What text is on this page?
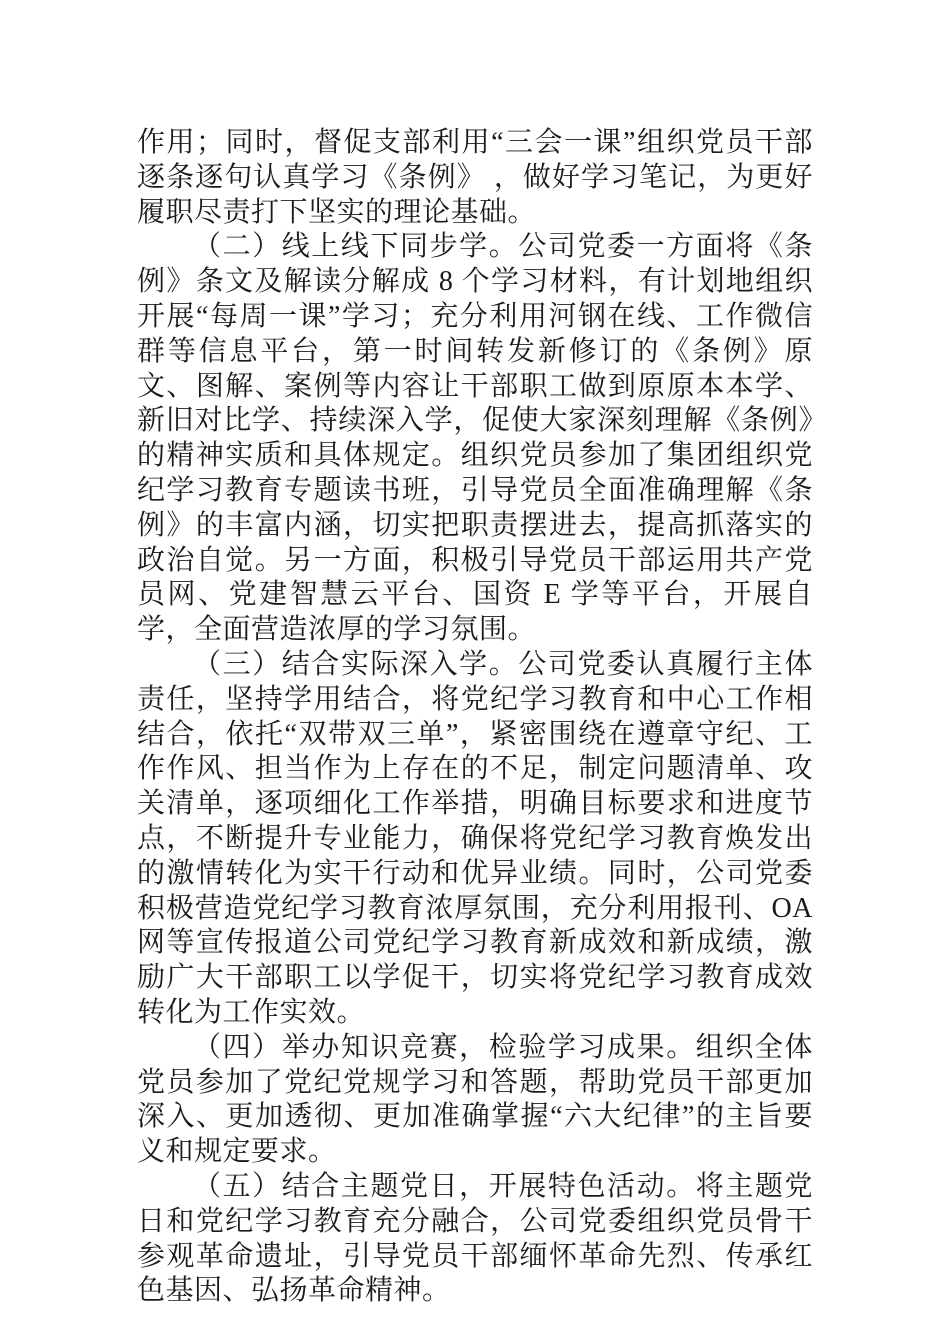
作用；同时，督促支部利用“三会一课”组织党员干部逐条逐句认真学习《条例》 ，做好学习笔记，为更好履职尽责打下坚实的理论基础。

（二）线上线下同步学。公司党委一方面将《条例》条文及解读分解成 8 个学习材料，有计划地组织开展“每周一课”学习；充分利用河钢在线、工作微信群等信息平台，第一时间转发新修订的《条例》原文、图解、案例等内容让干部职工做到原原本本学、新旧对比学、持续深入学，促使大家深刻理解《条例》的精神实质和具体规定。组织党员参加了集团组织党纪学习教育专题读书班，引导党员全面准确理解《条例》的丰富内涵，切实把职责摆进去，提高抓落实的政治自觉。另一方面，积极引导党员干部运用共产党员网、党建智慧云平台、国资 E 学等平台，开展自学，全面营造浓厚的学习氛围。

（三）结合实际深入学。公司党委认真履行主体责任，坚持学用结合，将党纪学习教育和中心工作相结合，依托“双带双三单”，紧密围绕在遵章守纪、工作作风、担当作为上存在的不足，制定问题清单、攻关清单，逐项细化工作举措，明确目标要求和进度节点，不断提升专业能力，确保将党纪学习教育焕发出的激情转化为实干行动和优异业绩。同时，公司党委积极营造党纪学习教育浓厚氛围，充分利用报刊、OA 网等宣传报道公司党纪学习教育新成效和新成绩，激励广大干部职工以学促干，切实将党纪学习教育成效转化为工作实效。

（四）举办知识竞赛，检验学习成果。组织全体党员参加了党纪党规学习和答题，帮助党员干部更加深入、更加透彻、更加准确掌握“六大纪律”的主旨要义和规定要求。

（五）结合主题党日，开展特色活动。将主题党日和党纪学习教育充分融合，公司党委组织党员骨干参观革命遗址，引导党员干部缅怀革命先烈、传承红色基因、弘扬革命精神。
